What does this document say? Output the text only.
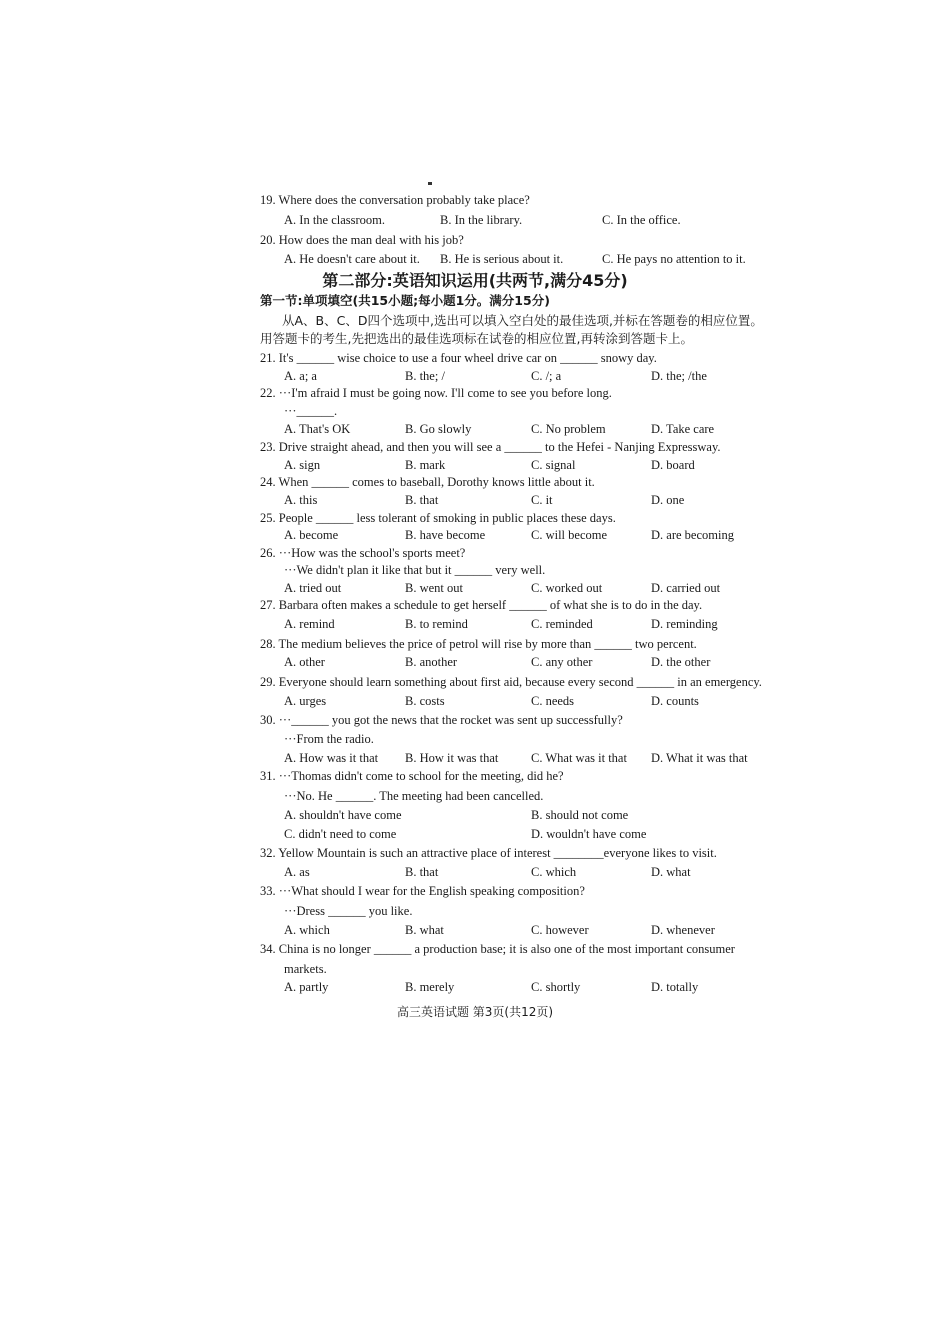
19. Where does the conversation probably take place?
A. In the classroom.	B. In the library.	C. In the office.
20. How does the man deal with his job?
A. He doesn't care about it. B. He is serious about it.	C. He pays no attention to it.
第二部分:英语知识运用(共两节,满分45分)
第一节:单项填空(共15小题;每小题1分。满分15分)
从A、B、C、D四个选项中,选出可以填入空白处的最佳选项,并标在答题卷的相应位置。
用答题卡的考生,先把选出的最佳选项标在试卷的相应位置,再转涂到答题卡上。
21. It's ______ wise choice to use a four wheel drive car on ______ snowy day.
A. a; a	B. the; /	C. /; a	D. the; /the
22. ···I'm afraid I must be going now. I'll come to see you before long.
···______.
A. That's OK	B. Go slowly	C. No problem	D. Take care
23. Drive straight ahead, and then you will see a ______ to the Hefei - Nanjing Expressway.
A. sign	B. mark	C. signal	D. board
24. When ______ comes to baseball, Dorothy knows little about it.
A. this	B. that	C. it	D. one
25. People ______ less tolerant of smoking in public places these days.
A. become	B. have become	C. will become	D. are becoming
26. ···How was the school's sports meet?
···We didn't plan it like that but it ______ very well.
A. tried out	B. went out	C. worked out	D. carried out
27. Barbara often makes a schedule to get herself ______ of what she is to do in the day.
A. remind	B. to remind	C. reminded	D. reminding
28. The medium believes the price of petrol will rise by more than ______ two percent.
A. other	B. another	C. any other	D. the other
29. Everyone should learn something about first aid, because every second ______ in an emergency.
A. urges	B. costs	C. needs	D. counts
30. ···______ you got the news that the rocket was sent up successfully?
···From the radio.
A. How was it that B. How it was that	C. What was it that D. What it was that
31. ···Thomas didn't come to school for the meeting, did he?
···No. He ______. The meeting had been cancelled.
A. shouldn't have come	B. should not come
C. didn't need to come	D. wouldn't have come
32. Yellow Mountain is such an attractive place of interest ________everyone likes to visit.
A. as	B. that	C. which	D. what
33. ···What should I wear for the English speaking composition?
···Dress ______ you like.
A. which	B. what	C. however	D. whenever
34. China is no longer ______ a production base; it is also one of the most important consumer
markets.
A. partly	B. merely	C. shortly	D. totally
高三英语试题 第3页(共12页)
